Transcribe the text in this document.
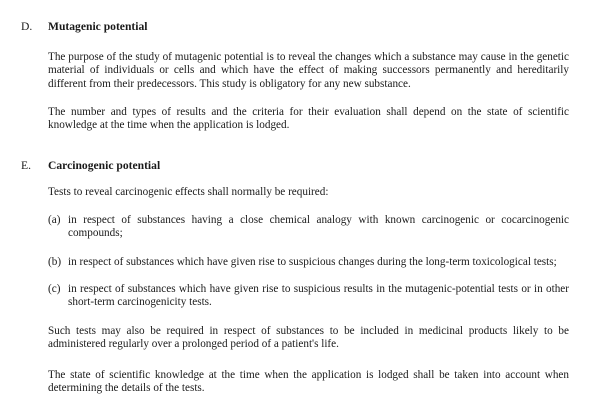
D.	Mutagenic potential
The purpose of the study of mutagenic potential is to reveal the changes which a substance may cause in the genetic material of individuals or cells and which have the effect of making successors permanently and hereditarily different from their predecessors. This study is obligatory for any new substance.
The number and types of results and the criteria for their evaluation shall depend on the state of scientific knowledge at the time when the application is lodged.
E.	Carcinogenic potential
Tests to reveal carcinogenic effects shall normally be required:
(a) in respect of substances having a close chemical analogy with known carcinogenic or cocarcinogenic compounds;
(b) in respect of substances which have given rise to suspicious changes during the long-term toxicological tests;
(c) in respect of substances which have given rise to suspicious results in the mutagenic-potential tests or in other short-term carcinogenicity tests.
Such tests may also be required in respect of substances to be included in medicinal products likely to be administered regularly over a prolonged period of a patient's life.
The state of scientific knowledge at the time when the application is lodged shall be taken into account when determining the details of the tests.
